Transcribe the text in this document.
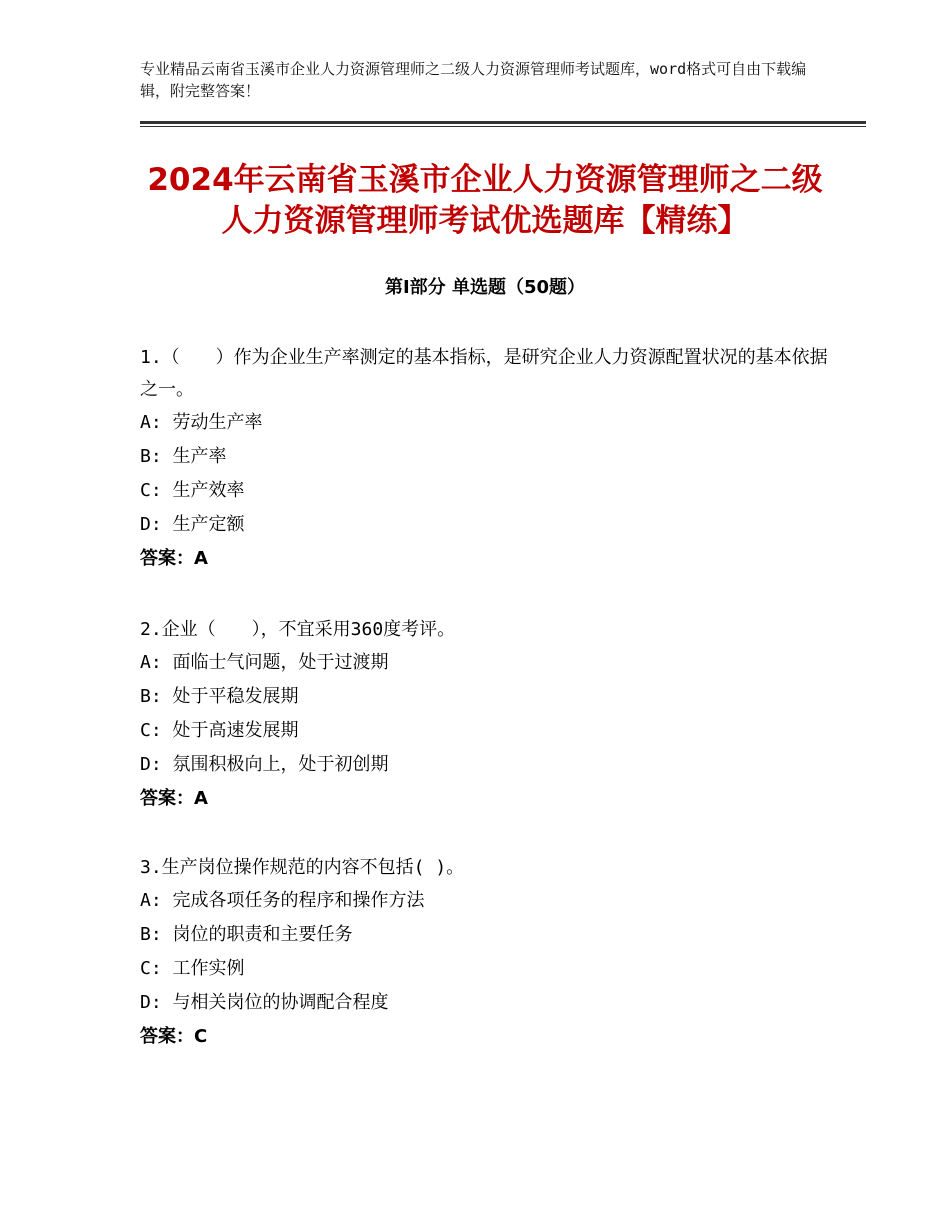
专业精品云南省玉溪市企业人力资源管理师之二级人力资源管理师考试题库，word格式可自由下载编辑，附完整答案！
2024年云南省玉溪市企业人力资源管理师之二级人力资源管理师考试优选题库【精练】
第Ⅰ部分 单选题（50题）

1.（　　）作为企业生产率测定的基本指标，是研究企业人力资源配置状况的基本依据之一。

A: 劳动生产率

B: 生产率

C: 生产效率

D: 生产定额

答案：A

2.企业（　　），不宜采用360度考评。

A: 面临士气问题，处于过渡期

B: 处于平稳发展期

C: 处于高速发展期

D: 氛围积极向上，处于初创期

答案：A

3.生产岗位操作规范的内容不包括( )。

A: 完成各项任务的程序和操作方法

B: 岗位的职责和主要任务

C: 工作实例

D: 与相关岗位的协调配合程度

答案：C
